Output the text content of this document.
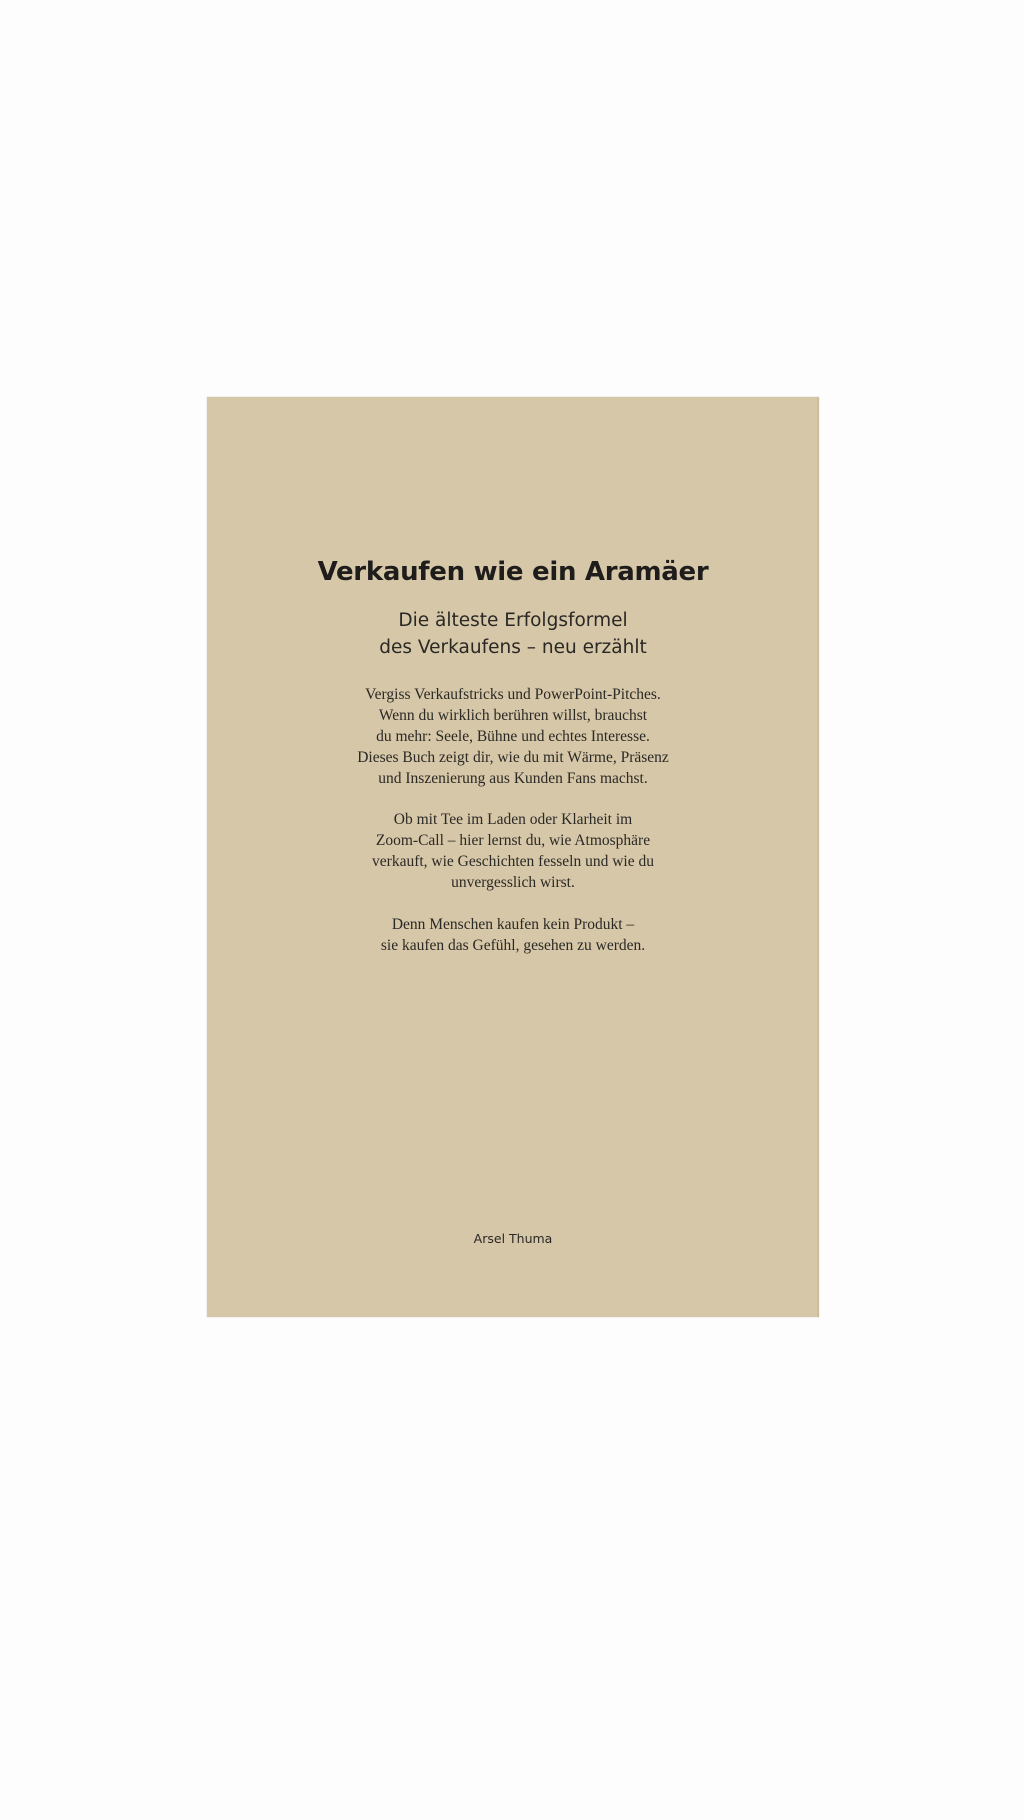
Verkaufen wie ein Aramäer
Die älteste Erfolgsformel
des Verkaufens – neu erzählt
Vergiss Verkaufstricks und PowerPoint-Pitches.
Wenn du wirklich berühren willst, brauchst
du mehr: Seele, Bühne und echtes Interesse.
Dieses Buch zeigt dir, wie du mit Wärme, Präsenz
und Inszenierung aus Kunden Fans machst.
Ob mit Tee im Laden oder Klarheit im
Zoom-Call – hier lernst du, wie Atmosphäre
verkauft, wie Geschichten fesseln und wie du
unvergesslich wirst.
Denn Menschen kaufen kein Produkt –
sie kaufen das Gefühl, gesehen zu werden.

Arsel Thuma
